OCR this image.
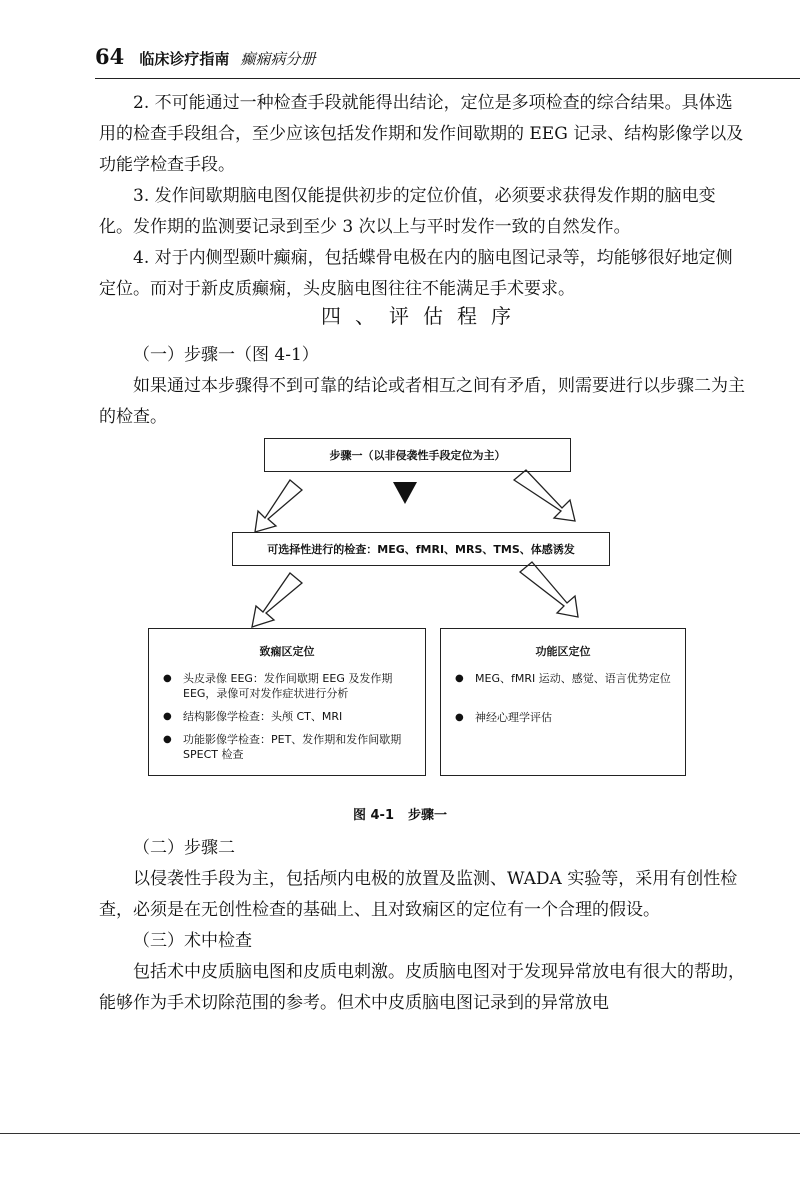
64 临床诊疗指南 癫痫病分册

2. 不可能通过一种检查手段就能得出结论，定位是多项检查的综合结果。具体选用的检查手段组合，至少应该包括发作期和发作间歇期的 EEG 记录、结构影像学以及功能学检查手段。

3. 发作间歇期脑电图仅能提供初步的定位价值，必须要求获得发作期的脑电变化。发作期的监测要记录到至少 3 次以上与平时发作一致的自然发作。

4. 对于内侧型颞叶癫痫，包括蝶骨电极在内的脑电图记录等，均能够很好地定侧定位。而对于新皮质癫痫，头皮脑电图往往不能满足手术要求。

四、评估程序

（一）步骤一（图 4-1）

如果通过本步骤得不到可靠的结论或者相互之间有矛盾，则需要进行以步骤二为主的检查。

步骤一（以非侵袭性手段定位为主）
可选择性进行的检查：MEG、fMRI、MRS、TMS、体感诱发
致痫区定位
● 头皮录像 EEG：发作间歇期 EEG 及发作期 EEG，录像可对发作症状进行分析
● 结构影像学检查：头颅 CT、MRI
● 功能影像学检查：PET、发作期和发作间歇期 SPECT 检查
功能区定位
● MEG、fMRI 运动、感觉、语言优势定位
● 神经心理学评估
图 4-1 步骤一

（二）步骤二

以侵袭性手段为主，包括颅内电极的放置及监测、WADA 实验等，采用有创性检查，必须是在无创性检查的基础上、且对致痫区的定位有一个合理的假设。

（三）术中检查

包括术中皮质脑电图和皮质电刺激。皮质脑电图对于发现异常放电有很大的帮助，能够作为手术切除范围的参考。但术中皮质脑电图记录到的异常放电
